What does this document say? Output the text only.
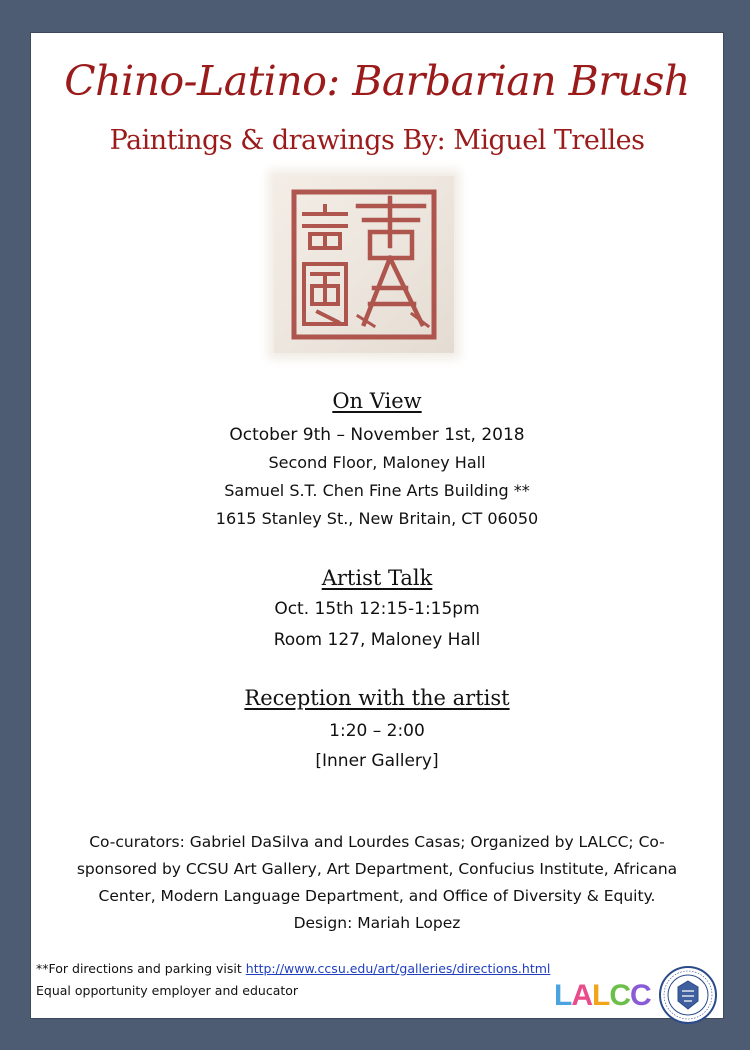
Chino-Latino: Barbarian Brush
Paintings & drawings By: Miguel Trelles
On View
October 9th – November 1st, 2018
Second Floor, Maloney Hall
Samuel S.T. Chen Fine Arts Building **
1615 Stanley St., New Britain, CT 06050
Artist Talk
Oct. 15th 12:15-1:15pm
Room 127, Maloney Hall
Reception with the artist
1:20 – 2:00
[Inner Gallery]
Co-curators: Gabriel DaSilva and Lourdes Casas; Organized by LALCC; Co-
sponsored by CCSU Art Gallery, Art Department, Confucius Institute, Africana
Center, Modern Language Department, and Office of Diversity & Equity.
Design: Mariah Lopez
**For directions and parking visit http://www.ccsu.edu/art/galleries/directions.html
Equal opportunity employer and educator	LALCC
